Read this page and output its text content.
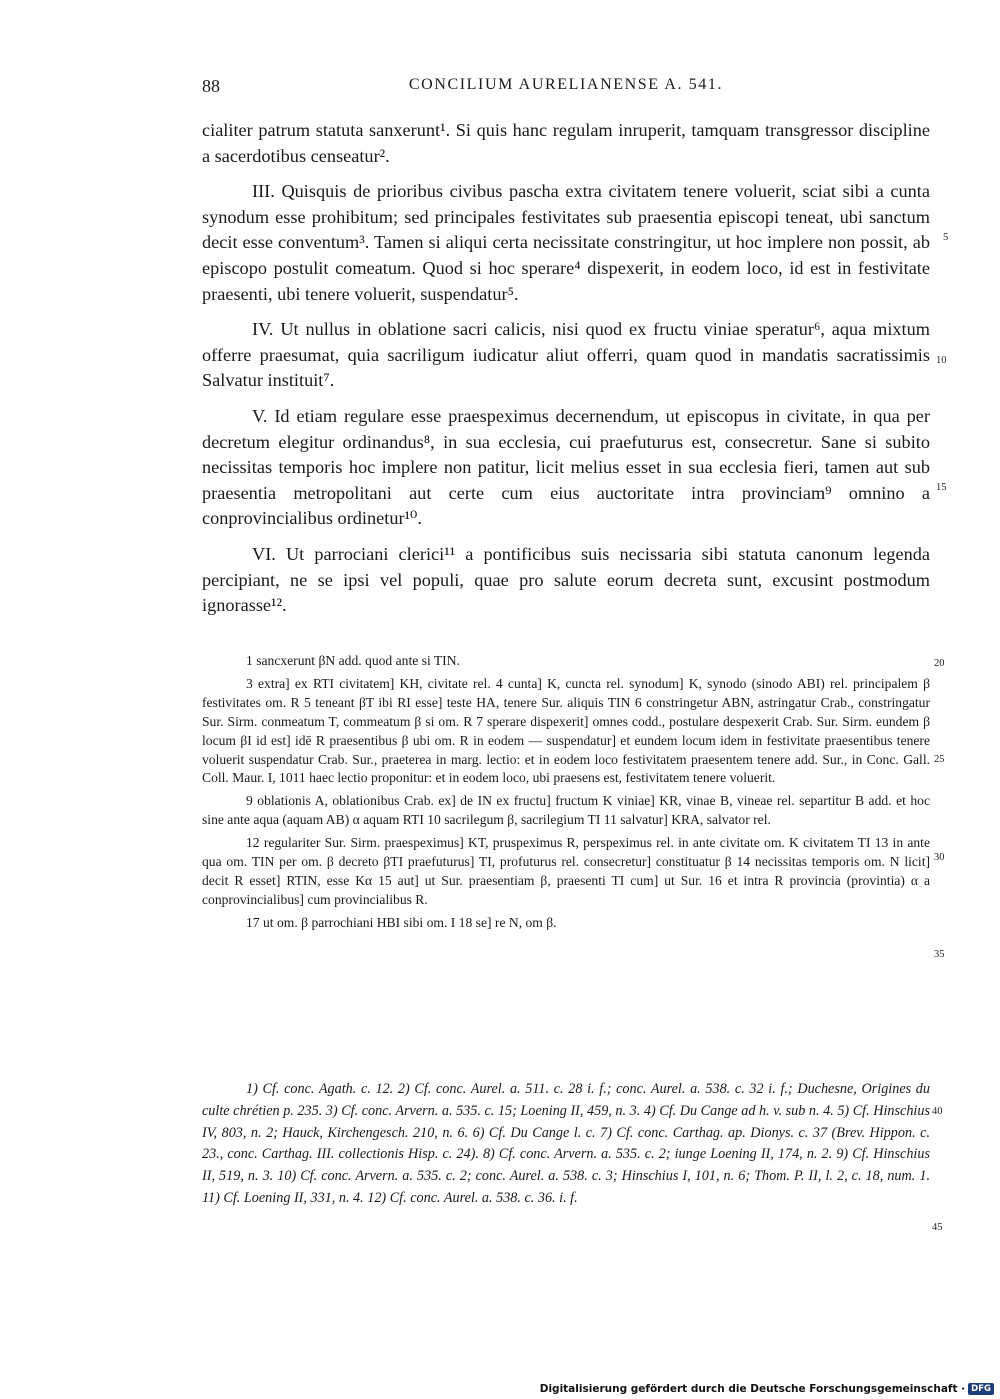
88	CONCILIUM AURELIANENSE A. 541.

cialiter patrum statuta sanxerunt¹. Si quis hanc regulam inruperit, tamquam transgressor discipline a sacerdotibus censeatur².

III. Quisquis de prioribus civibus pascha extra civitatem tenere voluerit, sciat sibi a cunta synodum esse prohibitum; sed principales festivitates sub praesentia episcopi teneat, ubi sanctum decit esse conventum³. Tamen si aliqui certa necissitate constringitur, ut hoc implere non possit, ab episcopo postulit comeatum. Quod si hoc sperare⁴ dispexerit, in eodem loco, id est in festivitate praesenti, ubi tenere voluerit, suspendatur⁵.

IV. Ut nullus in oblatione sacri calicis, nisi quod ex fructu viniae speratur⁶, aqua mixtum offerre praesumat, quia sacriligum iudicatur aliut offerri, quam quod in mandatis sacratissimis Salvatur instituit⁷.

V. Id etiam regulare esse praespeximus decernendum, ut episcopus in civitate, in qua per decretum elegitur ordinandus⁸, in sua ecclesia, cui praefuturus est, consecretur. Sane si subito necissitas temporis hoc implere non patitur, licit melius esset in sua ecclesia fieri, tamen aut sub praesentia metropolitani aut certe cum eius auctoritate intra provinciam⁹ omnino a conprovincialibus ordinetur¹⁰.

VI. Ut parrociani clerici¹¹ a pontificibus suis necissaria sibi statuta canonum legenda percipiant, ne se ipsi vel populi, quae pro salute eorum decreta sunt, excusint postmodum ignorasse¹².

1 sancxerunt βN add. quod ante si TIN.

3 extra] ex RTI civitatem] KH, civitate rel. 4 cunta] K, cuncta rel. synodum] K, synodo (sinodo ABI) rel. principalem β festivitates om. R 5 teneant βT ibi RI esse] teste HA, tenere Sur. aliquis TIN 6 constringetur ABN, astringatur Crab., constringatur Sur. Sirm. conmeatum T, commeatum β si om. R 7 sperare dispexerit] omnes codd., postulare despexerit Crab. Sur. Sirm. eundem β locum βI id est] idē R praesentibus β ubi om. R in eodem — suspendatur] et eundem locum idem in festivitate praesentibus tenere voluerit suspendatur Crab. Sur., praeterea in marg. lectio: et in eodem loco festivitatem praesentem tenere add. Sur., in Conc. Gall. Coll. Maur. I, 1011 haec lectio proponitur: et in eodem loco, ubi praesens est, festivitatem tenere voluerit.

9 oblationis A, oblationibus Crab. ex] de IN ex fructu] fructum K viniae] KR, vinae B, vineae rel. separtitur B add. et hoc sine ante aqua (aquam AB) α aquam RTI 10 sacrilegum β, sacrilegium TI 11 salvatur] KRA, salvator rel.

12 regulariter Sur. Sirm. praespeximus] KT, pruspeximus R, perspeximus rel. in ante civitate om. K civitatem TI 13 in ante qua om. TIN per om. β decreto βTI praefuturus] TI, profuturus rel. consecretur] constituatur β 14 necissitas temporis om. N licit] decit R esset] RTIN, esse Kα 15 aut] ut Sur. praesentiam β, praesenti TI cum] ut Sur. 16 et intra R provincia (provintia) α a conprovincialibus] cum provincialibus R.

17 ut om. β parrochiani HBI sibi om. I 18 se] re N, om β.

1) Cf. conc. Agath. c. 12. 2) Cf. conc. Aurel. a. 511. c. 28 i. f.; conc. Aurel. a. 538. c. 32 i. f.; Duchesne, Origines du culte chrétien p. 235. 3) Cf. conc. Arvern. a. 535. c. 15; Loening II, 459, n. 3. 4) Cf. Du Cange ad h. v. sub n. 4. 5) Cf. Hinschius IV, 803, n. 2; Hauck, Kirchengesch. 210, n. 6. 6) Cf. Du Cange l. c. 7) Cf. conc. Carthag. ap. Dionys. c. 37 (Brev. Hippon. c. 23., conc. Carthag. III. collectionis Hisp. c. 24). 8) Cf. conc. Arvern. a. 535. c. 2; iunge Loening II, 174, n. 2. 9) Cf. Hinschius II, 519, n. 3. 10) Cf. conc. Arvern. a. 535. c. 2; conc. Aurel. a. 538. c. 3; Hinschius I, 101, n. 6; Thom. P. II, l. 2, c. 18, num. 1. 11) Cf. Loening II, 331, n. 4. 12) Cf. conc. Aurel. a. 538. c. 36. i. f.

5
10
15
20
25
30
35
40
45
Digitalisierung gefördert durch die Deutsche Forschungsgemeinschaft · DFG
